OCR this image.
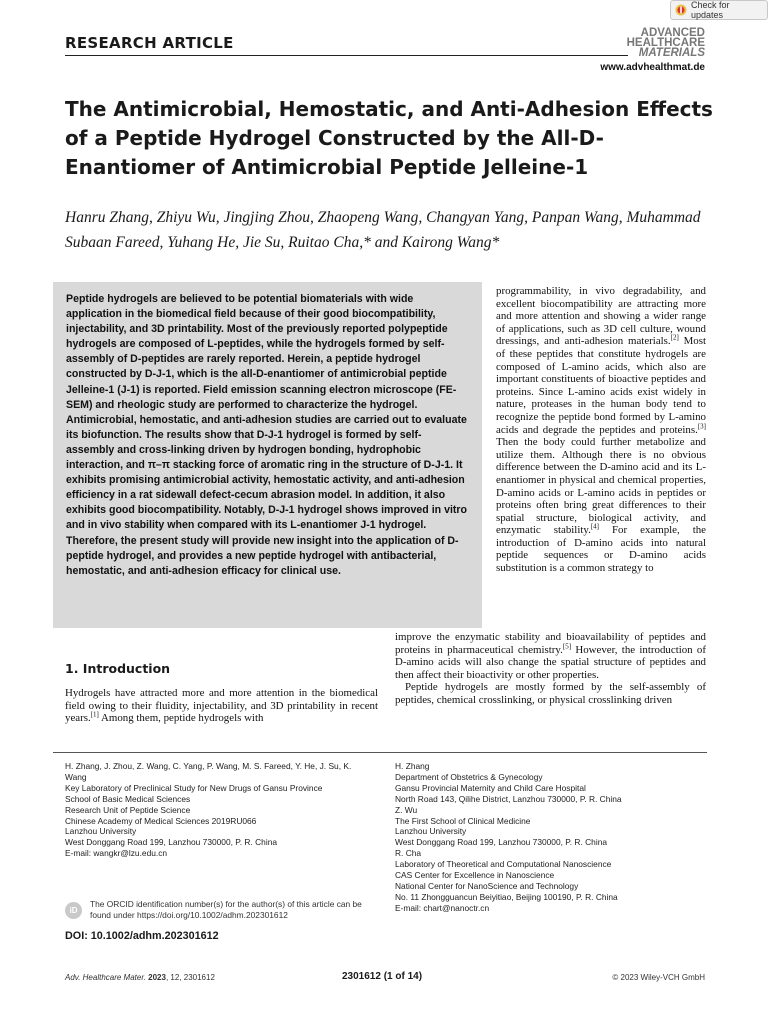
Check for updates
RESEARCH ARTICLE
ADVANCED
HEALTHCARE
MATERIALS
www.advhealthmat.de
The Antimicrobial, Hemostatic, and Anti-Adhesion Effects of a Peptide Hydrogel Constructed by the All-D-Enantiomer of Antimicrobial Peptide Jelleine-1
Hanru Zhang, Zhiyu Wu, Jingjing Zhou, Zhaopeng Wang, Changyan Yang, Panpan Wang, Muhammad Subaan Fareed, Yuhang He, Jie Su, Ruitao Cha,* and Kairong Wang*

Peptide hydrogels are believed to be potential biomaterials with wide application in the biomedical field because of their good biocompatibility, injectability, and 3D printability. Most of the previously reported polypeptide hydrogels are composed of L-peptides, while the hydrogels formed by self-assembly of D-peptides are rarely reported. Herein, a peptide hydrogel constructed by D-J-1, which is the all-D-enantiomer of antimicrobial peptide Jelleine-1 (J-1) is reported. Field emission scanning electron microscope (FE-SEM) and rheologic study are performed to characterize the hydrogel. Antimicrobial, hemostatic, and anti-adhesion studies are carried out to evaluate its biofunction. The results show that D-J-1 hydrogel is formed by self-assembly and cross-linking driven by hydrogen bonding, hydrophobic interaction, and π–π stacking force of aromatic ring in the structure of D-J-1. It exhibits promising antimicrobial activity, hemostatic activity, and anti-adhesion efficiency in a rat sidewall defect-cecum abrasion model. In addition, it also exhibits good biocompatibility. Notably, D-J-1 hydrogel shows improved in vitro and in vivo stability when compared with its L-enantiomer J-1 hydrogel. Therefore, the present study will provide new insight into the application of D-peptide hydrogel, and provides a new peptide hydrogel with antibacterial, hemostatic, and anti-adhesion efficacy for clinical use.

programmability, in vivo degradability, and excellent biocompatibility are attracting more and more attention and showing a wider range of applications, such as 3D cell culture, wound dressings, and anti-adhesion materials.[2] Most of these peptides that constitute hydrogels are composed of L-amino acids, which also are important constituents of bioactive peptides and proteins. Since L-amino acids exist widely in nature, proteases in the human body tend to recognize the peptide bond formed by L-amino acids and degrade the peptides and proteins.[3] Then the body could further metabolize and utilize them. Although there is no obvious difference between the D-amino acid and its L-enantiomer in physical and chemical properties, D-amino acids or L-amino acids in peptides or proteins often bring great differences to their spatial structure, biological activity, and enzymatic stability.[4] For example, the introduction of D-amino acids into natural peptide sequences or D-amino acids substitution is a common strategy to

improve the enzymatic stability and bioavailability of peptides and proteins in pharmaceutical chemistry.[5] However, the introduction of D-amino acids will also change the spatial structure of peptides and then affect their bioactivity or other properties.

Peptide hydrogels are mostly formed by the self-assembly of peptides, chemical crosslinking, or physical crosslinking driven

1. Introduction
Hydrogels have attracted more and more attention in the biomedical field owing to their fluidity, injectability, and 3D printability in recent years.[1] Among them, peptide hydrogels with
H. Zhang, J. Zhou, Z. Wang, C. Yang, P. Wang, M. S. Fareed, Y. He, J. Su, K. Wang
Key Laboratory of Preclinical Study for New Drugs of Gansu Province
School of Basic Medical Sciences
Research Unit of Peptide Science
Chinese Academy of Medical Sciences 2019RU066
Lanzhou University
West Donggang Road 199, Lanzhou 730000, P. R. China
E-mail: wangkr@lzu.edu.cn
H. Zhang
Department of Obstetrics & Gynecology
Gansu Provincial Maternity and Child Care Hospital
North Road 143, Qilihe District, Lanzhou 730000, P. R. China
Z. Wu
The First School of Clinical Medicine
Lanzhou University
West Donggang Road 199, Lanzhou 730000, P. R. China
R. Cha
Laboratory of Theoretical and Computational Nanoscience
CAS Center for Excellence in Nanoscience
National Center for NanoScience and Technology
No. 11 Zhongguancun Beiyitiao, Beijing 100190, P. R. China
E-mail: chart@nanoctr.cn
iD
The ORCID identification number(s) for the author(s) of this article can be found under https://doi.org/10.1002/adhm.202301612
DOI: 10.1002/adhm.202301612
Adv. Healthcare Mater. 2023, 12, 2301612	2301612 (1 of 14)	© 2023 Wiley-VCH GmbH
